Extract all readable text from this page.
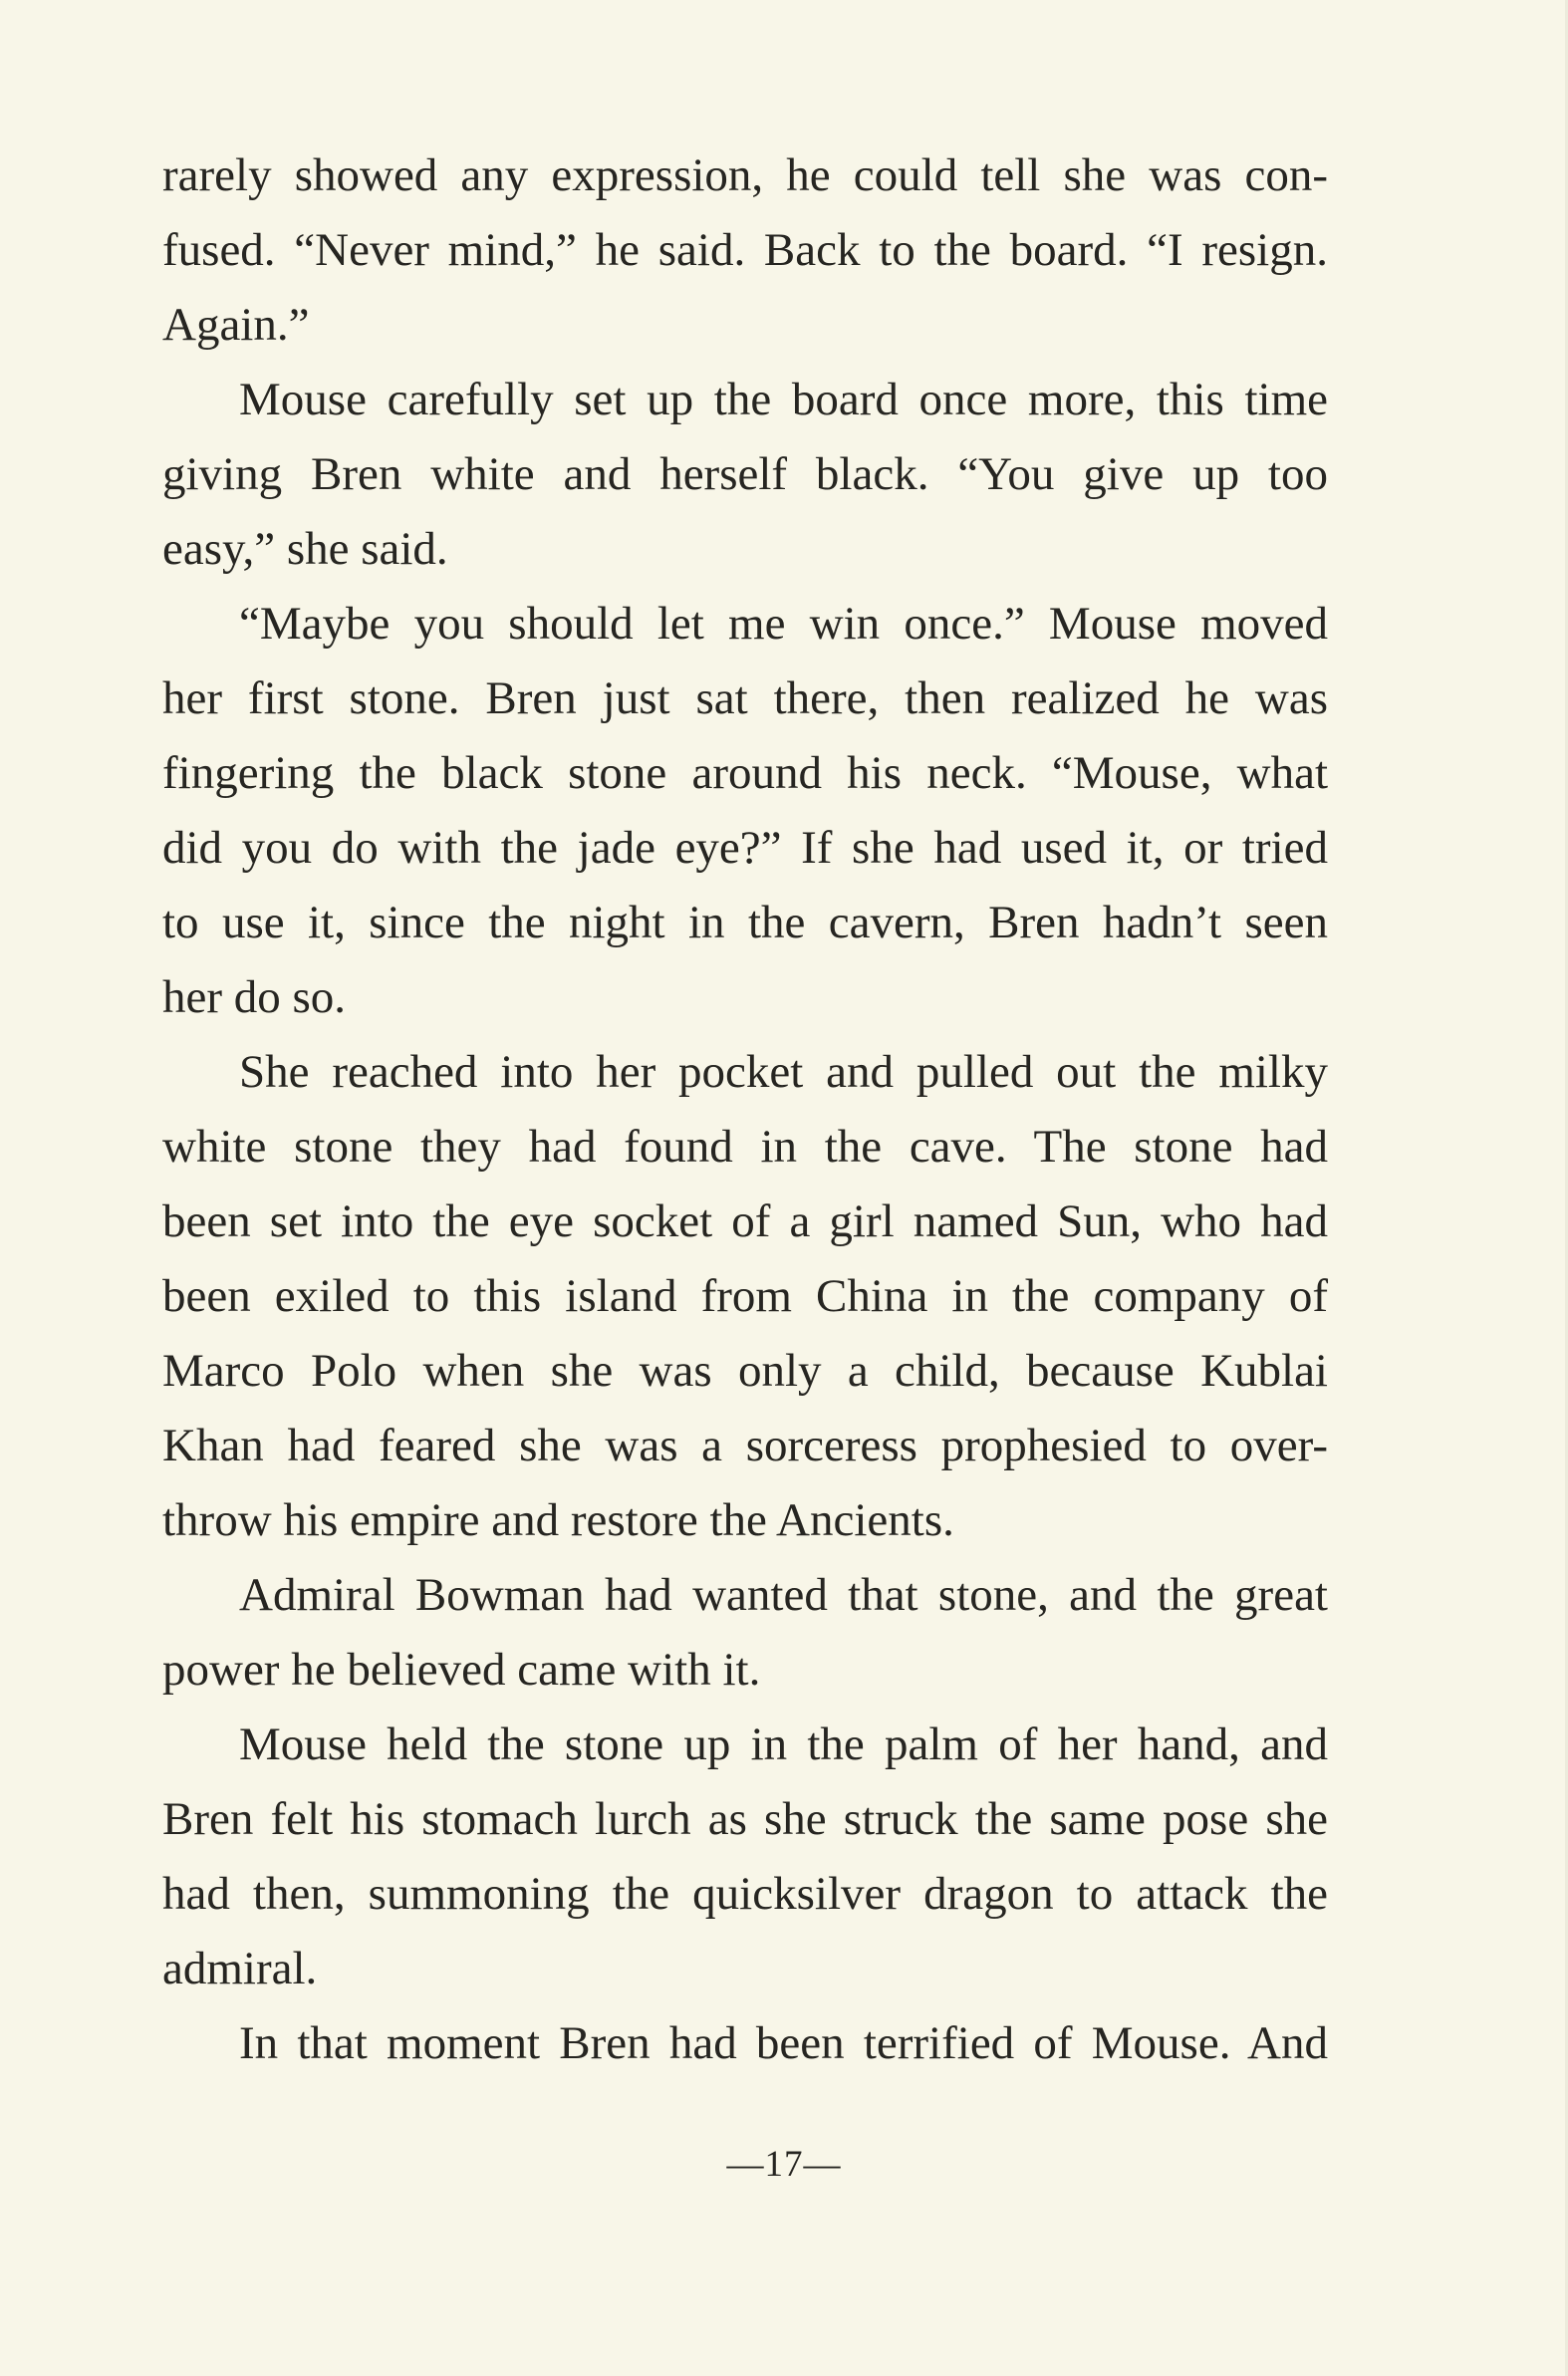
rarely showed any expression, he could tell she was con-
fused. “Never mind,” he said. Back to the board. “I resign.
Again.”
Mouse carefully set up the board once more, this time
giving Bren white and herself black. “You give up too
easy,” she said.
“Maybe you should let me win once.” Mouse moved
her first stone. Bren just sat there, then realized he was
fingering the black stone around his neck. “Mouse, what
did you do with the jade eye?” If she had used it, or tried
to use it, since the night in the cavern, Bren hadn’t seen
her do so.
She reached into her pocket and pulled out the milky
white stone they had found in the cave. The stone had
been set into the eye socket of a girl named Sun, who had
been exiled to this island from China in the company of
Marco Polo when she was only a child, because Kublai
Khan had feared she was a sorceress prophesied to over-
throw his empire and restore the Ancients.
Admiral Bowman had wanted that stone, and the great
power he believed came with it.
Mouse held the stone up in the palm of her hand, and
Bren felt his stomach lurch as she struck the same pose she
had then, summoning the quicksilver dragon to attack the
admiral.
In that moment Bren had been terrified of Mouse. And
—17—
